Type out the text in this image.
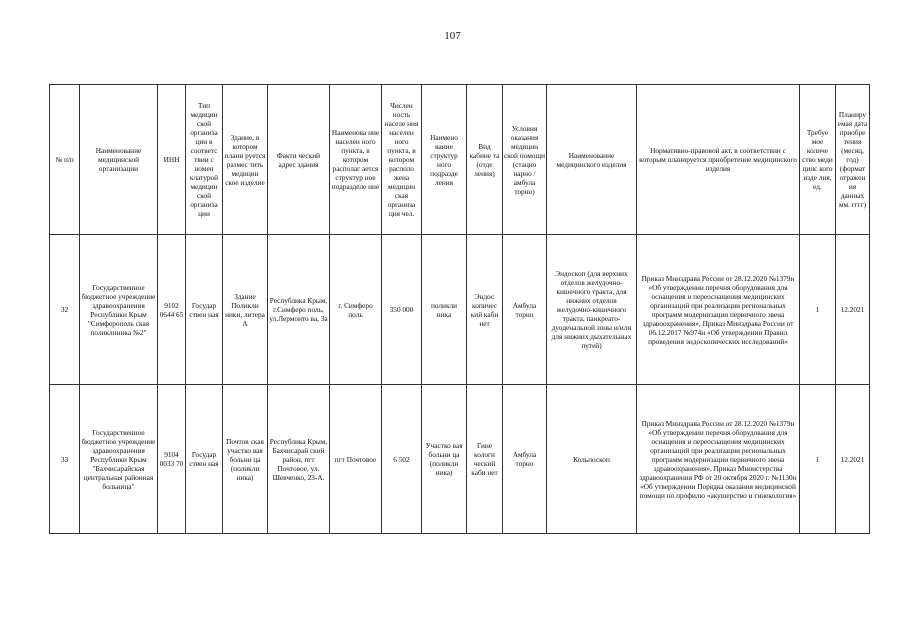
107
№ п/п	Наименование медицинской организации	ИНН	Тип медицин ской организа ции в соответс твии с номен клатурой медицин ской организа ции	Здание, в котором плани руется размес тить медицин ское изделие	Факти ческий адрес здания	Наименова ние населен ного пункта, в котором располаг ается структур ное подразделе ние	Числен ность населе ния населен ного пункта, в котором располо жена медицин ская организа ция чел.	Наимено вание структур ного подразде ления	Вид кабине та (отде ления)	Условия оказания медицин ской помощи (стацио нарно / амбула торно)	Наименование медицинского изделия	Нормативно-правовой акт, в соответствии с которым планируется приобретение медицинского изделия	Требуе мое количе ство меди цинс кого изде лия, ед.	Планиру емая дата приобре тения (месяц, год) (формат отражен ия данных мм. гггг)
32	Государственное бюджетное учреждение здравоохранения Республики Крым "Симферополь ская поликлиника №2"	9102 0644 65	Государ ствен ная	Здание Поликли ники, литера А	Республика Крым, г.Симферо поль, ул.Лермонто ва, 3а	г. Симферо поль	350 000	поликли ника	Эндос копичес кий каби нет	Амбула торно	Эндоскоп (для верхних отделов желудочно-кишечного тракта, для нижних отделов желудочно-кишечного тракта, панкреато-дуоденальной зоны и/или для нижних дыхательных путей)	Приказ Минздрава России от 28.12.2020 №1379н «Об утверждении перечня оборудования для оснащения и переоснащения медицинских организаций при реализации региональных программ модернизации первичного звена здравоохранения», Приказ Минздрава России от 06.12.2017 №974н «Об утверждении Правил проведения эндоскопических исследований»	1	12.2021
33	Государственное бюджетное учреждение здравоохранения Республики Крым "Бахчисарайская центральная районная больница"	9104 0033 70	Государ ствен ная	Почтов ская участко вая больни ца (поликли ника)	Республика Крым, Бахчисарай ский район, пгт Почтовое, ул. Шевченко, 23-А.	пгт Почтовое	6 502	Участко вая больни ца (поликли ника)	Гине кологи ческий каби нет	Амбула торно	Кольпоскоп	Приказ Минздрава России от 28.12.2020 №1379н «Об утверждении перечня оборудования для оснащения и переоснащения медицинских организаций при реализации региональных программ модернизации первичного звена здравоохранения», Приказ Министерства здравоохранения РФ от 20 октября 2020 г. №1130н «Об утверждении Порядка оказания медицинской помощи по профилю «акушерство и гинекология»	1	12.2021
